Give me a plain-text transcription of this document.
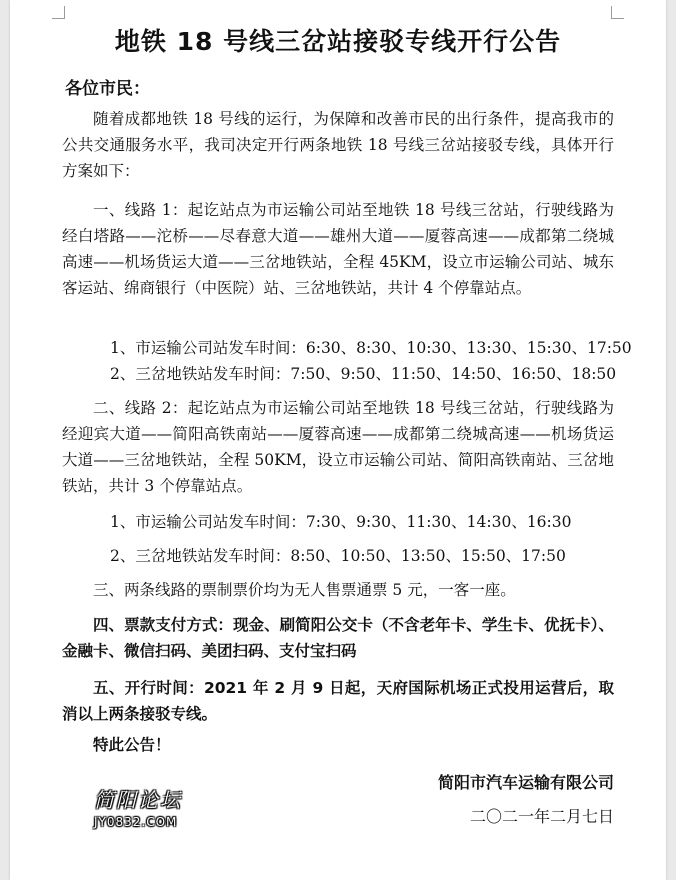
地铁 18 号线三岔站接驳专线开行公告
各位市民：
随着成都地铁 18 号线的运行，为保障和改善市民的出行条件，提高我市的公共交通服务水平，我司决定开行两条地铁 18 号线三岔站接驳专线，具体开行方案如下：
一、线路 1：起讫站点为市运输公司站至地铁 18 号线三岔站，行驶线路为经白塔路——沱桥——尽春意大道——雄州大道——厦蓉高速——成都第二绕城高速——机场货运大道——三岔地铁站，全程 45KM，设立市运输公司站、城东客运站、绵商银行（中医院）站、三岔地铁站，共计 4 个停靠站点。
1、市运输公司站发车时间：6:30、8:30、10:30、13:30、15:30、17:50
2、三岔地铁站发车时间：7:50、9:50、11:50、14:50、16:50、18:50
二、线路 2：起讫站点为市运输公司站至地铁 18 号线三岔站，行驶线路为经迎宾大道——简阳高铁南站——厦蓉高速——成都第二绕城高速——机场货运大道——三岔地铁站，全程 50KM，设立市运输公司站、简阳高铁南站、三岔地铁站，共计 3 个停靠站点。
1、市运输公司站发车时间：7:30、9:30、11:30、14:30、16:30
2、三岔地铁站发车时间：8:50、10:50、13:50、15:50、17:50
三、两条线路的票制票价均为无人售票通票 5 元，一客一座。
四、票款支付方式：现金、刷简阳公交卡（不含老年卡、学生卡、优抚卡）、金融卡、微信扫码、美团扫码、支付宝扫码
五、开行时间：2021 年 2 月 9 日起，天府国际机场正式投用运营后，取消以上两条接驳专线。
特此公告！
简阳市汽车运输有限公司
二〇二一年二月七日
简阳论坛
JY0832.COM
